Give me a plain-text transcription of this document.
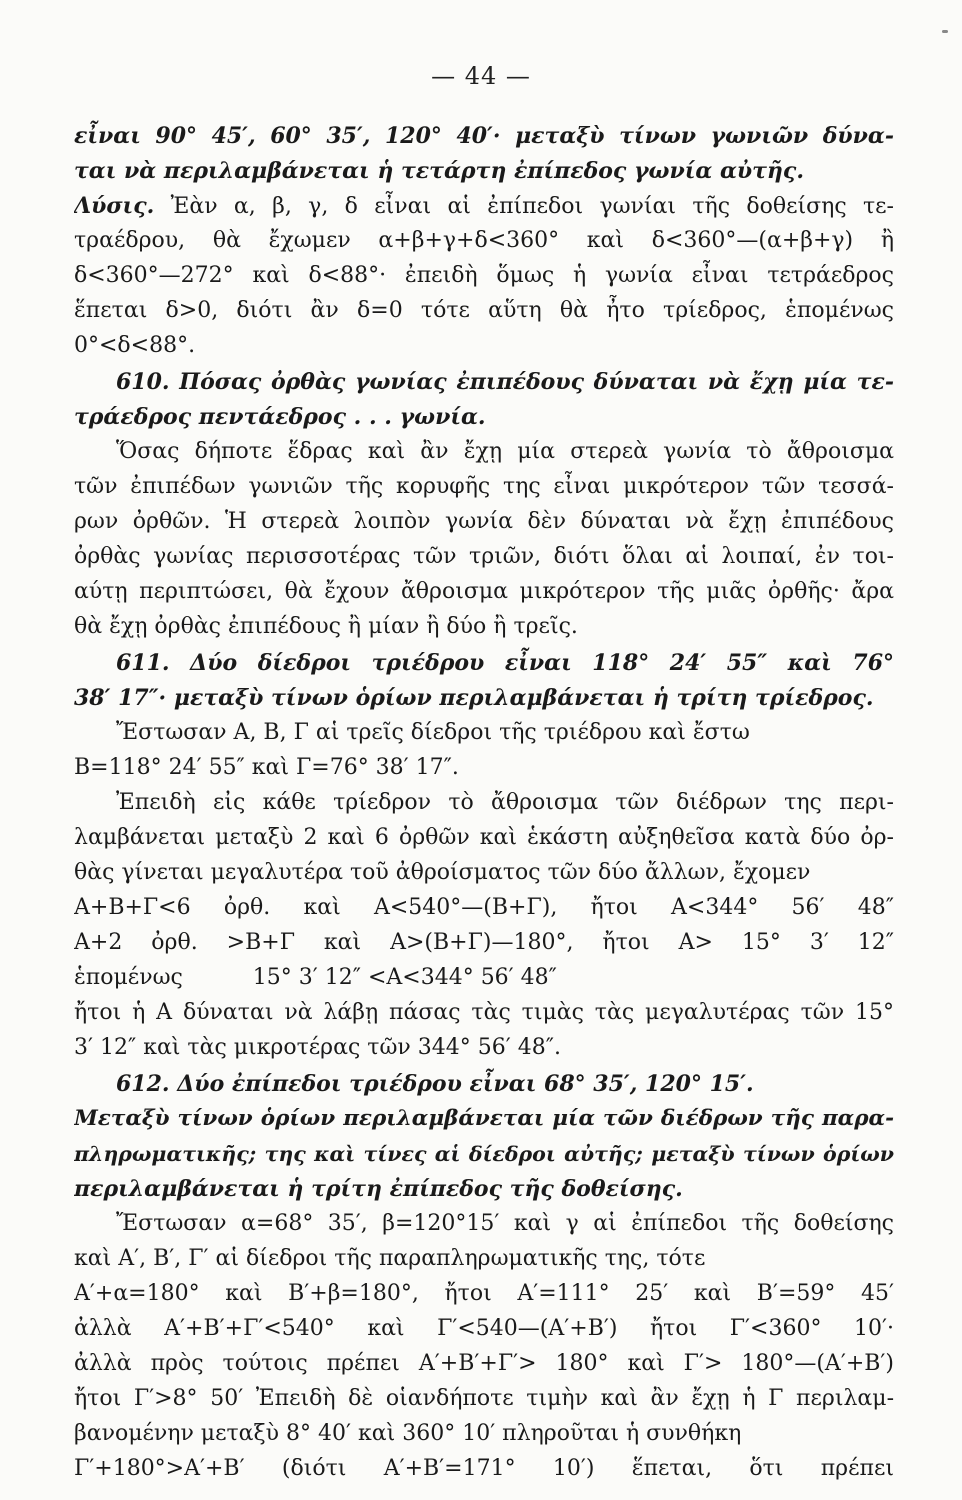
— 44 —
εἶναι 90° 45′, 60° 35′, 120° 40′· μεταξὺ τίνων γωνιῶν δύνα-
ται νὰ περιλαμβάνεται ἡ τετάρτη ἐπίπεδος γωνία αὐτῆς.
Λύσις. Ἐὰν α, β, γ, δ εἶναι αἱ ἐπίπεδοι γωνίαι τῆς δοθείσης τε-
τραέδρου, θὰ ἔχωμεν α+β+γ+δ<360° καὶ δ<360°—(α+β+γ) ἢ
δ<360°—272° καὶ δ<88°· ἐπειδὴ ὅμως ἡ γωνία εἶναι τετράεδρος
ἕπεται δ>0, διότι ἂν δ=0 τότε αὕτη θὰ ἦτο τρίεδρος, ἑπομένως
0°<δ<88°.
610. Πόσας ὀρθὰς γωνίας ἐπιπέδους δύναται νὰ ἔχῃ μία τε-
τράεδρος πεντάεδρος . . . γωνία.
Ὅσας δήποτε ἕδρας καὶ ἂν ἔχῃ μία στερεὰ γωνία τὸ ἄθροισμα
τῶν ἐπιπέδων γωνιῶν τῆς κορυφῆς της εἶναι μικρότερον τῶν τεσσά-
ρων ὀρθῶν. Ἡ στερεὰ λοιπὸν γωνία δὲν δύναται νὰ ἔχῃ ἐπιπέδους
ὀρθὰς γωνίας περισσοτέρας τῶν τριῶν, διότι ὅλαι αἱ λοιπαί, ἐν τοι-
αύτῃ περιπτώσει, θὰ ἔχουν ἄθροισμα μικρότερον τῆς μιᾶς ὀρθῆς· ἄρα
θὰ ἔχῃ ὀρθὰς ἐπιπέδους ἢ μίαν ἢ δύο ἢ τρεῖς.
611. Δύο δίεδροι τριέδρου εἶναι 118° 24′ 55″ καὶ 76°
38′ 17″· μεταξὺ τίνων ὁρίων περιλαμβάνεται ἡ τρίτη τρίεδρος.
Ἔστωσαν Α, Β, Γ αἱ τρεῖς δίεδροι τῆς τριέδρου καὶ ἔστω
Β=118° 24′ 55″ καὶ Γ=76° 38′ 17″.
Ἐπειδὴ εἰς κάθε τρίεδρον τὸ ἄθροισμα τῶν διέδρων της περι-
λαμβάνεται μεταξὺ 2 καὶ 6 ὀρθῶν καὶ ἑκάστη αὐξηθεῖσα κατὰ δύο ὀρ-
θὰς γίνεται μεγαλυτέρα τοῦ ἀθροίσματος τῶν δύο ἄλλων, ἔχομεν
Α+Β+Γ<6 ὀρθ. καὶ Α<540°—(Β+Γ), ἤτοι Α<344° 56′ 48″
Α+2 ὀρθ. >Β+Γ καὶ Α>(Β+Γ)—180°, ἤτοι Α> 15° 3′ 12″
ἑπομένως          15° 3′ 12″ <Α<344° 56′ 48″
ἤτοι ἡ Α δύναται νὰ λάβῃ πάσας τὰς τιμὰς τὰς μεγαλυτέρας τῶν 15°
3′ 12″ καὶ τὰς μικροτέρας τῶν 344° 56′ 48″.
612. Δύο ἐπίπεδοι τριέδρου εἶναι 68° 35′, 120° 15′.
Μεταξὺ τίνων ὁρίων περιλαμβάνεται μία τῶν διέδρων τῆς παρα-
πληρωματικῆς; της καὶ τίνες αἱ δίεδροι αὐτῆς; μεταξὺ τίνων ὁρίων
περιλαμβάνεται ἡ τρίτη ἐπίπεδος τῆς δοθείσης.
Ἔστωσαν α=68° 35′, β=120°15′ καὶ γ αἱ ἐπίπεδοι τῆς δοθείσης
καὶ Α′, Β′, Γ′ αἱ δίεδροι τῆς παραπληρωματικῆς της, τότε
Α′+α=180° καὶ Β′+β=180°, ἤτοι Α′=111° 25′ καὶ Β′=59° 45′
ἀλλὰ Α′+Β′+Γ′<540° καὶ Γ′<540—(Α′+Β′) ἤτοι Γ′<360° 10′·
ἀλλὰ πρὸς τούτοις πρέπει Α′+Β′+Γ′> 180° καὶ Γ′> 180°—(Α′+Β′)
ἤτοι Γ′>8° 50′ Ἐπειδὴ δὲ οἱανδήποτε τιμὴν καὶ ἂν ἔχῃ ἡ Γ περιλαμ-
βανομένην μεταξὺ 8° 40′ καὶ 360° 10′ πληροῦται ἡ συνθήκη
Γ′+180°>Α′+Β′ (διότι Α′+Β′=171° 10′) ἕπεται, ὅτι πρέπει
